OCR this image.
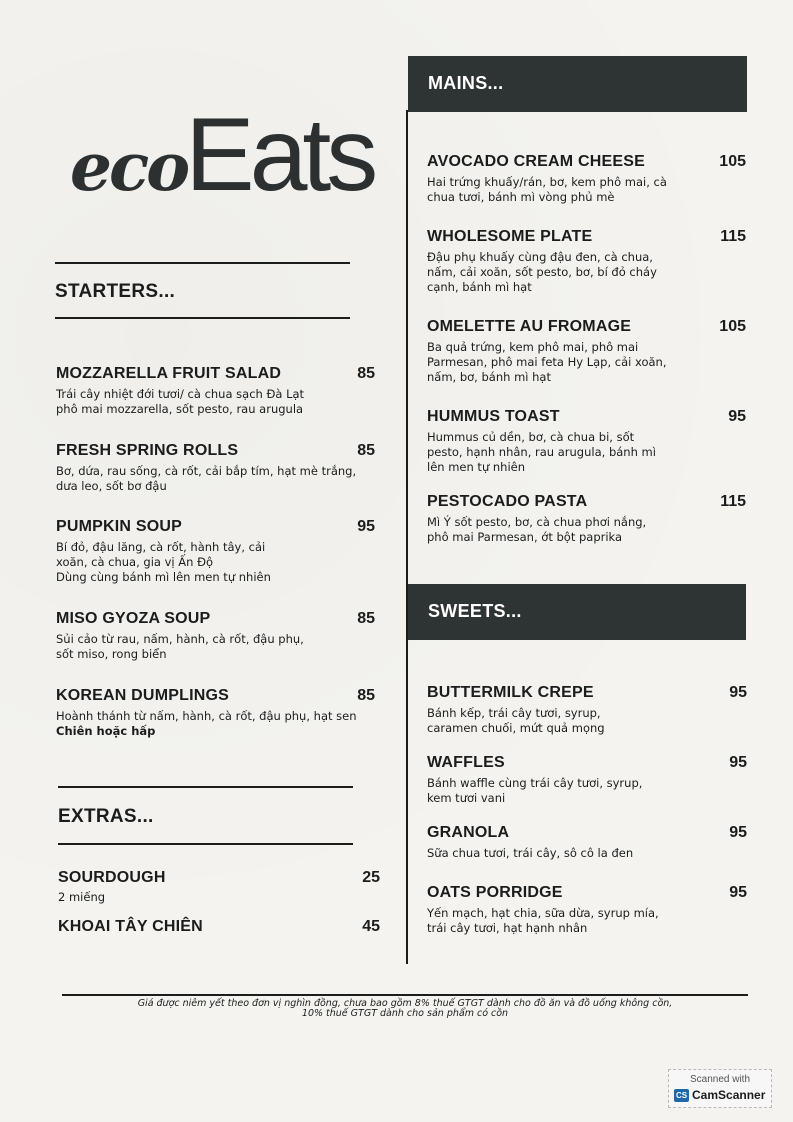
ecoEats
STARTERS...
MOZZARELLA FRUIT SALAD	85
Trái cây nhiệt đới tươi/ cà chua sạch Đà Lạt
phô mai mozzarella, sốt pesto, rau arugula
FRESH SPRING ROLLS	85
Bơ, dứa, rau sống, cà rốt, cải bắp tím, hạt mè trắng,
dưa leo, sốt bơ đậu
PUMPKIN SOUP	95
Bí đỏ, đậu lăng, cà rốt, hành tây, cải
xoăn, cà chua, gia vị Ấn Độ
Dùng cùng bánh mì lên men tự nhiên
MISO GYOZA SOUP	85
Sủi cảo từ rau, nấm, hành, cà rốt, đậu phụ,
sốt miso, rong biển
KOREAN DUMPLINGS	85
Hoành thánh từ nấm, hành, cà rốt, đậu phụ, hạt sen
Chiên hoặc hấp
EXTRAS...
SOURDOUGH	25
2 miếng
KHOAI TÂY CHIÊN	45
MAINS...
AVOCADO CREAM CHEESE	105
Hai trứng khuấy/rán, bơ, kem phô mai, cà
chua tươi, bánh mì vòng phủ mè
WHOLESOME PLATE	115
Đậu phụ khuấy cùng đậu đen, cà chua,
nấm, cải xoăn, sốt pesto, bơ, bí đỏ cháy
cạnh, bánh mì hạt
OMELETTE AU FROMAGE	105
Ba quả trứng, kem phô mai, phô mai
Parmesan, phô mai feta Hy Lạp, cải xoăn,
nấm, bơ, bánh mì hạt
HUMMUS TOAST	95
Hummus củ dền, bơ, cà chua bi, sốt
pesto, hạnh nhân, rau arugula, bánh mì
lên men tự nhiên
PESTOCADO PASTA	115
Mì Ý sốt pesto, bơ, cà chua phơi nắng,
phô mai Parmesan, ớt bột paprika
SWEETS...
BUTTERMILK CREPE	95
Bánh kếp, trái cây tươi, syrup,
caramen chuối, mứt quả mọng
WAFFLES	95
Bánh waffle cùng trái cây tươi, syrup,
kem tươi vani
GRANOLA	95
Sữa chua tươi, trái cây, sô cô la đen
OATS PORRIDGE	95
Yến mạch, hạt chia, sữa dừa, syrup mía,
trái cây tươi, hạt hạnh nhân
Giá được niêm yết theo đơn vị nghìn đồng, chưa bao gồm 8% thuế GTGT dành cho đồ ăn và đồ uống không cồn,
10% thuế GTGT dành cho sản phẩm có cồn
Scanned with
CS CamScanner
